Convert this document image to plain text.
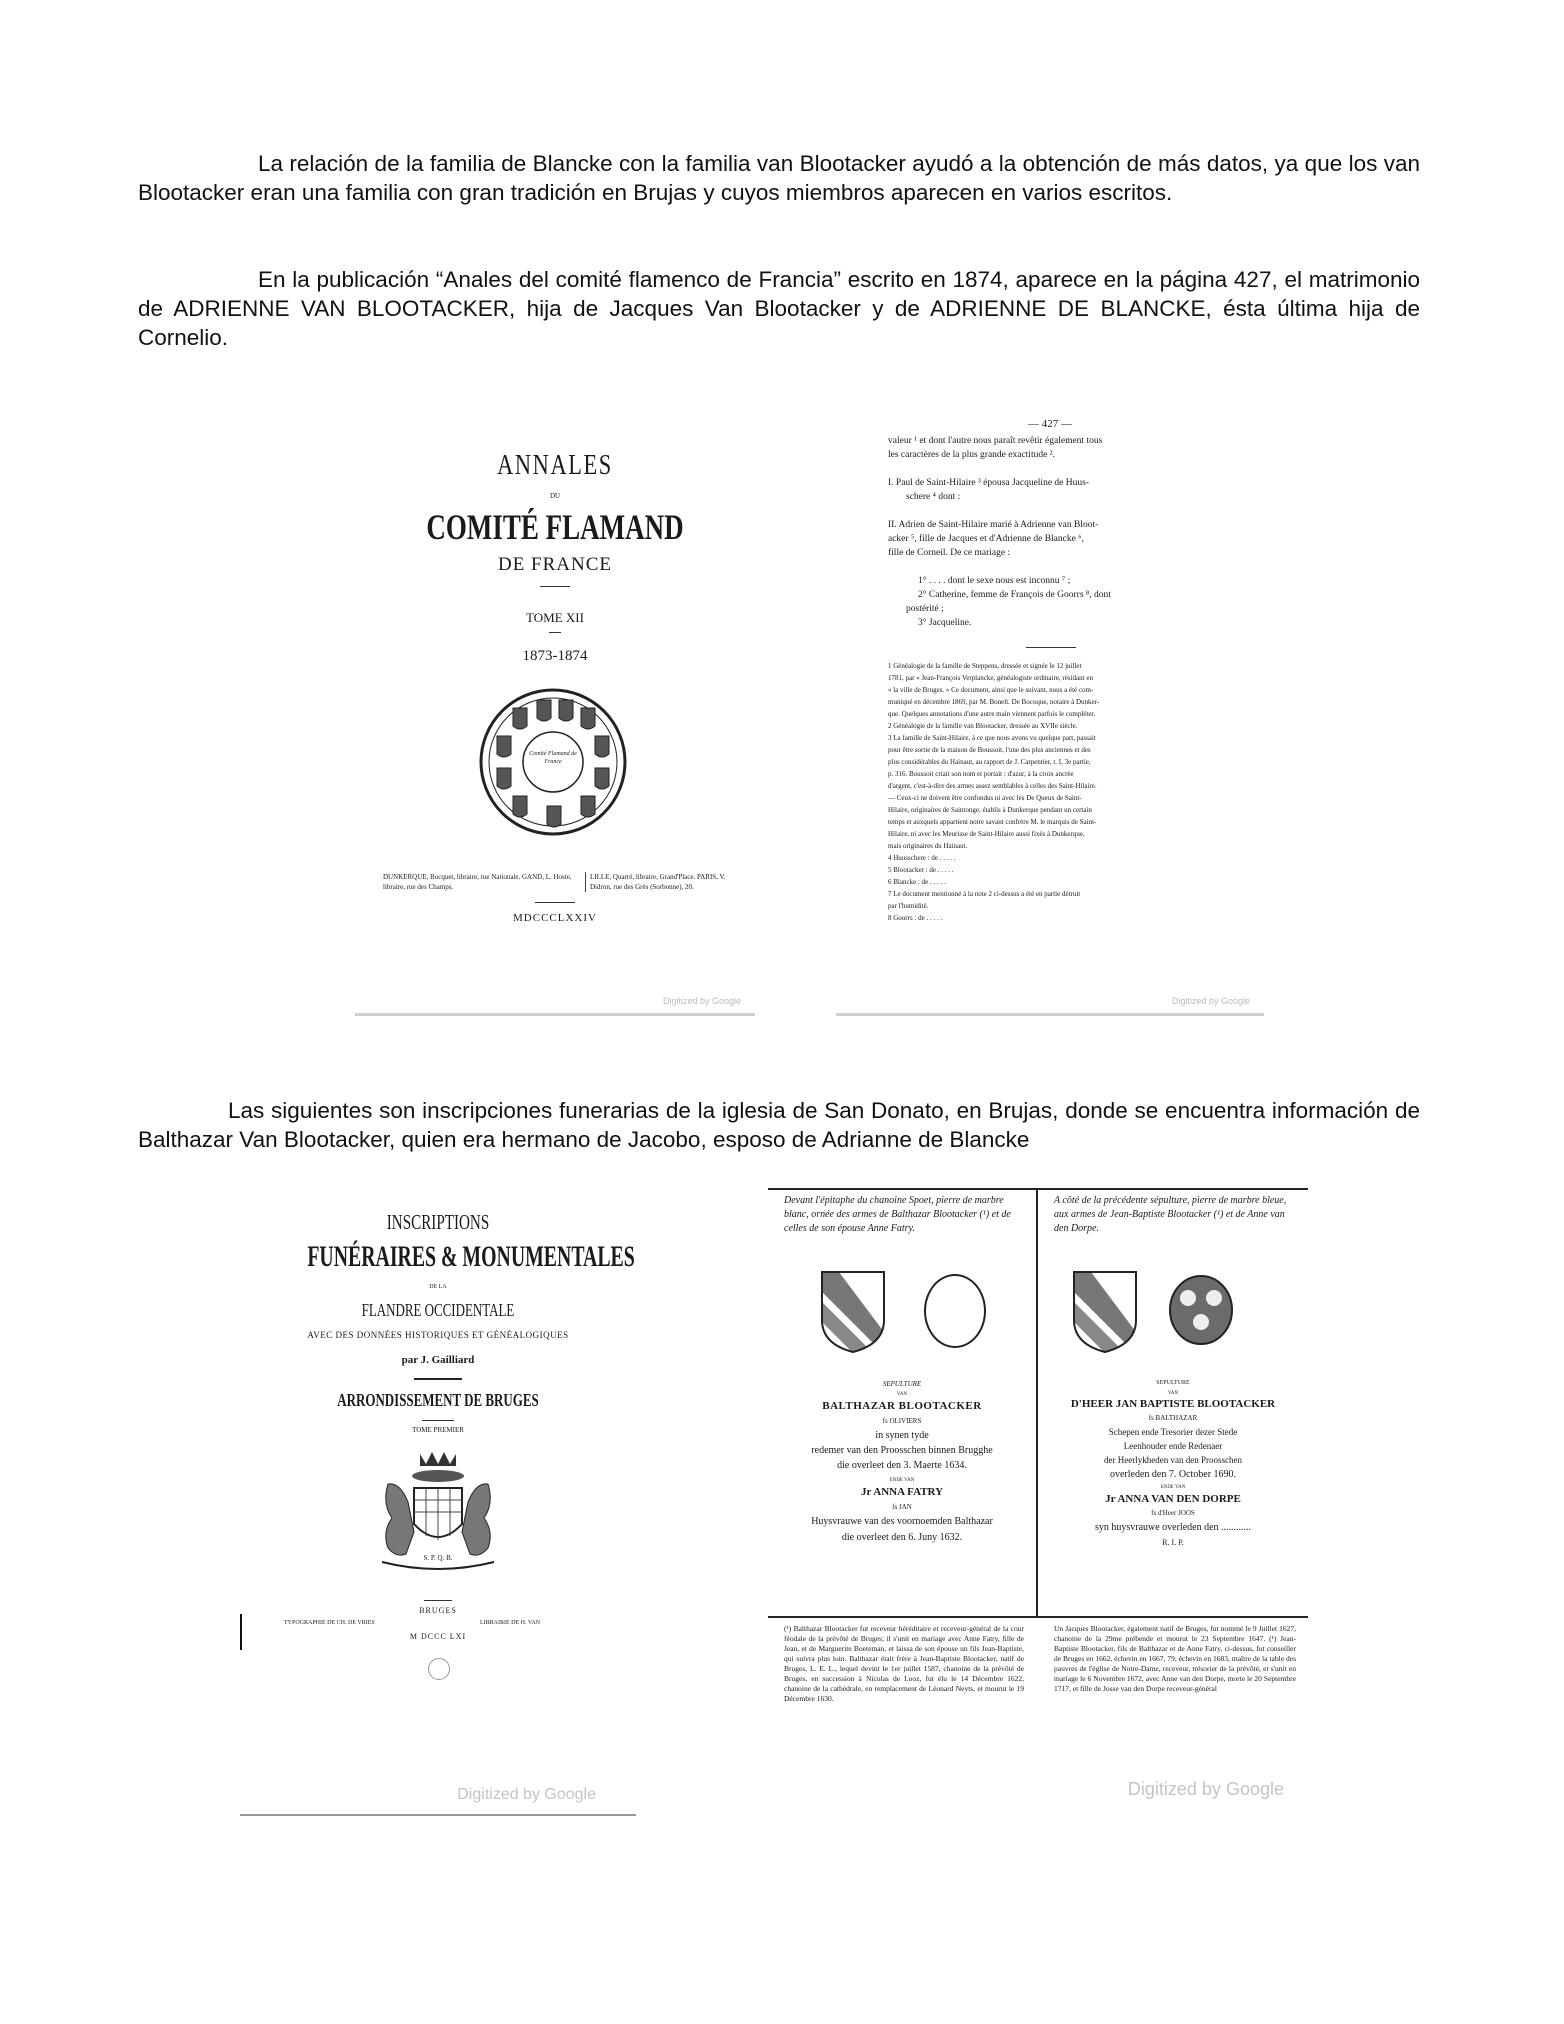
La relación de la familia de Blancke con la familia van Blootacker ayudó a la obtención de más datos, ya que los van Blootacker eran una familia con gran tradición en Brujas y cuyos miembros aparecen en varios escritos.
En la publicación “Anales del comité flamenco de Francia” escrito en 1874, aparece en la página 427, el matrimonio de ADRIENNE VAN BLOOTACKER, hija de Jacques Van Blootacker y de ADRIENNE DE BLANCKE, ésta última hija de Cornelio.
Las siguientes son inscripciones funerarias de la iglesia de San Donato, en Brujas, donde se encuentra información de Balthazar Van Blootacker, quien era hermano de Jacobo, esposo de Adrianne de Blancke
ANNALES
DU
COMITÉ FLAMAND
DE FRANCE
TOME XII
1873-1874
Comité Flamand de France
DUNKERQUE, Bocquet, libraire, rue Nationale. GAND, L. Hoste, libraire, rue des Champs.
LILLE, Quarré, libraire, Grand'Place. PARIS, V. Didron, rue des Grès (Sorbonne), 20.
MDCCCLXXIV
Digitized by Google
— 427 —
valeur ¹ et dont l'autre nous paraît revêtir également tous
les caractères de la plus grande exactitude ².
I. Paul de Saint-Hilaire ³ épousa Jacqueline de Huus-
schere ⁴ dont :
II. Adrien de Saint-Hilaire marié à Adrienne van Bloot-
acker ⁵, fille de Jacques et d'Adrienne de Blancke ⁶,
fille de Corneil. De ce mariage :
1° . . . . dont le sexe nous est inconnu ⁷ ;
2° Catherine, femme de François de Goorrs ⁸, dont
postérité ;
3° Jacqueline.
1 Généalogie de la famille de Steppens, dressée et signée le 12 juillet
1781, par « Jean-François Verplancke, généalogiste ordinaire, résidant en
« la ville de Bruges. » Ce document, ainsi que le suivant, nous a été com-
muniqué en décembre 1869, par M. Bonelt. De Bocoque, notaire à Dunker-
que. Quelques annotations d'une autre main viennent parfois le compléter.
2 Généalogie de la famille van Blootacker, dressée au XVIIe siècle.
3 La famille de Saint-Hilaire, à ce que nous avons vu quelque part, passait
pour être sortie de la maison de Boussoit, l'une des plus anciennes et des
plus considérables du Hainaut, au rapport de J. Carpentier, t. I, 3e partie,
p. 316. Boussoit criait son nom et portait : d'azur, à la croix ancrée
d'argent, c'est-à-dire des armes assez semblables à celles des Saint-Hilaire.
— Ceux-ci ne doivent être confondus ni avec les De Queux de Saint-
Hilaire, originaires de Saintonge, établis à Dunkerque pendant un certain
temps et auxquels appartient notre savant confrère M. le marquis de Saint-
Hilaire, ni avec les Meurisse de Saint-Hilaire aussi fixés à Dunkerque,
mais originaires du Hainaut.
4 Huusschere : de . . . . .
5 Blootacker : de . . . . .
6 Blancke : de . . . . .
7 Le document mentionné à la note 2 ci-dessus a été en partie détruit
par l'humidité.
8 Goorrs : de . . . . .
Digitized by Google
INSCRIPTIONS
FUNÉRAIRES & MONUMENTALES
DE LA
FLANDRE OCCIDENTALE
AVEC DES DONNÉES HISTORIQUES ET GÉNÉALOGIQUES
par J. Gailliard
ARRONDISSEMENT DE BRUGES
TOME PREMIER
S. P. Q. B.
BRUGES
TYPOGRAPHIE DE CH. DE VRIES	LIBRAIRIE DE H. VAN
M DCCC LXI
Digitized by Google
Devant l'épitaphe du chanoine Spoet, pierre de marbre blanc, ornée des armes de Balthazar Blootacker (¹) et de celles de son épouse Anne Fatry.
SEPULTURE
VAN
BALTHAZAR BLOOTACKER
fs OLIVIERS
in synen tyde
redemer van den Proosschen binnen Brugghe
die overleet den 3. Maerte 1634.
ENDE VAN
Jr ANNA FATRY
fs JAN
Huysvrauwe van des voornoemden Balthazar
die overleet den 6. Juny 1632.
(¹) Balthazar Blootacker fut receveur héréditaire et receveur-général de la cour féodale de la prévôté de Bruges; il s'unit en mariage avec Anne Fatry, fille de Jean, et de Marguerite Boeteman, et laissa de son épouse un fils Jean-Baptiste, qui suivra plus loin. Balthazar était frère à Jean-Baptiste Blootacker, natif de Bruges, L. E. L., lequel devint le 1er juillet 1587, chanoine de la prévôté de Bruges, en succession à Nicolas de Looz, fut élu le 14 Décembre 1622, chanoine de la cathédrale, en remplacement de Léonard Neyts, et mourut le 19 Décembre 1630.
A côté de la précédente sépulture, pierre de marbre bleue, aux armes de Jean-Baptiste Blootacker (¹) et de Anne van den Dorpe.
SEPULTURE
VAN
D'HEER JAN BAPTISTE BLOOTACKER
fs BALTHAZAR
Schepen ende Tresorier dezer Stede
Leenhouder ende Redenaer
der Heerlykheden van den Proosschen
overleden den 7. October 1690.
ENDE VAN
Jr ANNA VAN DEN DORPE
fs d'Heer JOOS
syn huysvrauwe overleden den ............
R. I. P.
Un Jacques Blootacker, également natif de Bruges, fut nommé le 9 Juillet 1627, chanoine de la 29me prébende et mourut le 23 Septembre 1647. (¹) Jean-Baptiste Blootacker, fils de Balthazar et de Anne Fatry, ci-dessus, fut conseiller de Bruges en 1662, échevin en 1667, 79, échevin en 1683, maître de la table des pauvres de l'église de Notre-Dame, receveur, trésorier de la prévôté, et s'unit en mariage le 6 Novembre 1672, avec Anne van den Dorpe, morte le 20 Septembre 1717, et fille de Josse van den Dorpe receveur-général
Digitized by Google
